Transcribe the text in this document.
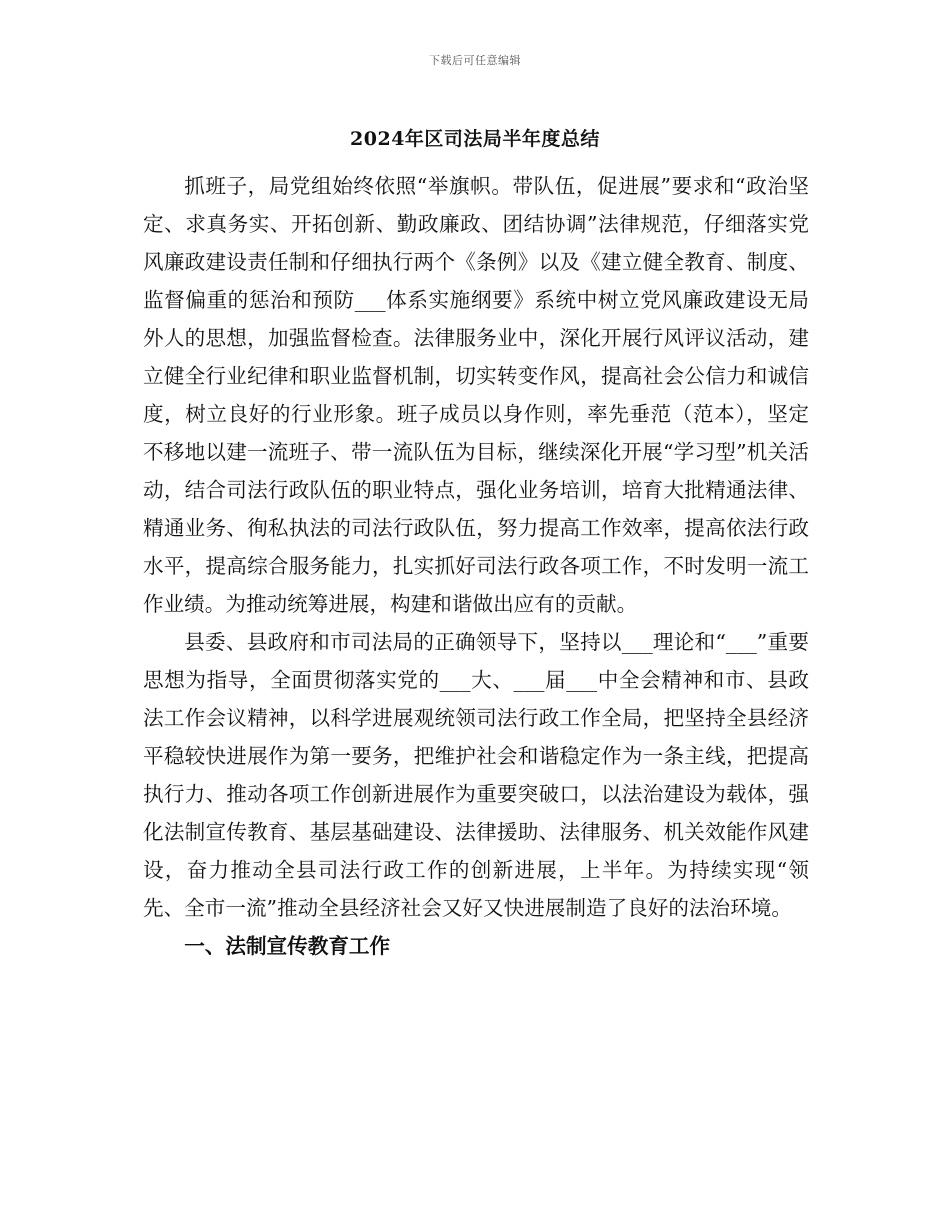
下载后可任意编辑
2024年区司法局半年度总结

抓班子，局党组始终依照“举旗帜。带队伍，促进展”要求和“政治坚定、求真务实、开拓创新、勤政廉政、团结协调”法律规范，仔细落实党风廉政建设责任制和仔细执行两个《条例》以及《建立健全教育、制度、监督偏重的惩治和预防___体系实施纲要》系统中树立党风廉政建设无局外人的思想，加强监督检查。法律服务业中，深化开展行风评议活动，建立健全行业纪律和职业监督机制，切实转变作风，提高社会公信力和诚信度，树立良好的行业形象。班子成员以身作则，率先垂范（范本），坚定不移地以建一流班子、带一流队伍为目标，继续深化开展“学习型”机关活动，结合司法行政队伍的职业特点，强化业务培训，培育大批精通法律、精通业务、徇私执法的司法行政队伍，努力提高工作效率，提高依法行政水平，提高综合服务能力，扎实抓好司法行政各项工作，不时发明一流工作业绩。为推动统筹进展，构建和谐做出应有的贡献。

县委、县政府和市司法局的正确领导下，坚持以___理论和“___”重要思想为指导，全面贯彻落实党的___大、___届___中全会精神和市、县政法工作会议精神，以科学进展观统领司法行政工作全局，把坚持全县经济平稳较快进展作为第一要务，把维护社会和谐稳定作为一条主线，把提高执行力、推动各项工作创新进展作为重要突破口，以法治建设为载体，强化法制宣传教育、基层基础建设、法律援助、法律服务、机关效能作风建设，奋力推动全县司法行政工作的创新进展，上半年。为持续实现“领先、全市一流”推动全县经济社会又好又快进展制造了良好的法治环境。

一、法制宣传教育工作
